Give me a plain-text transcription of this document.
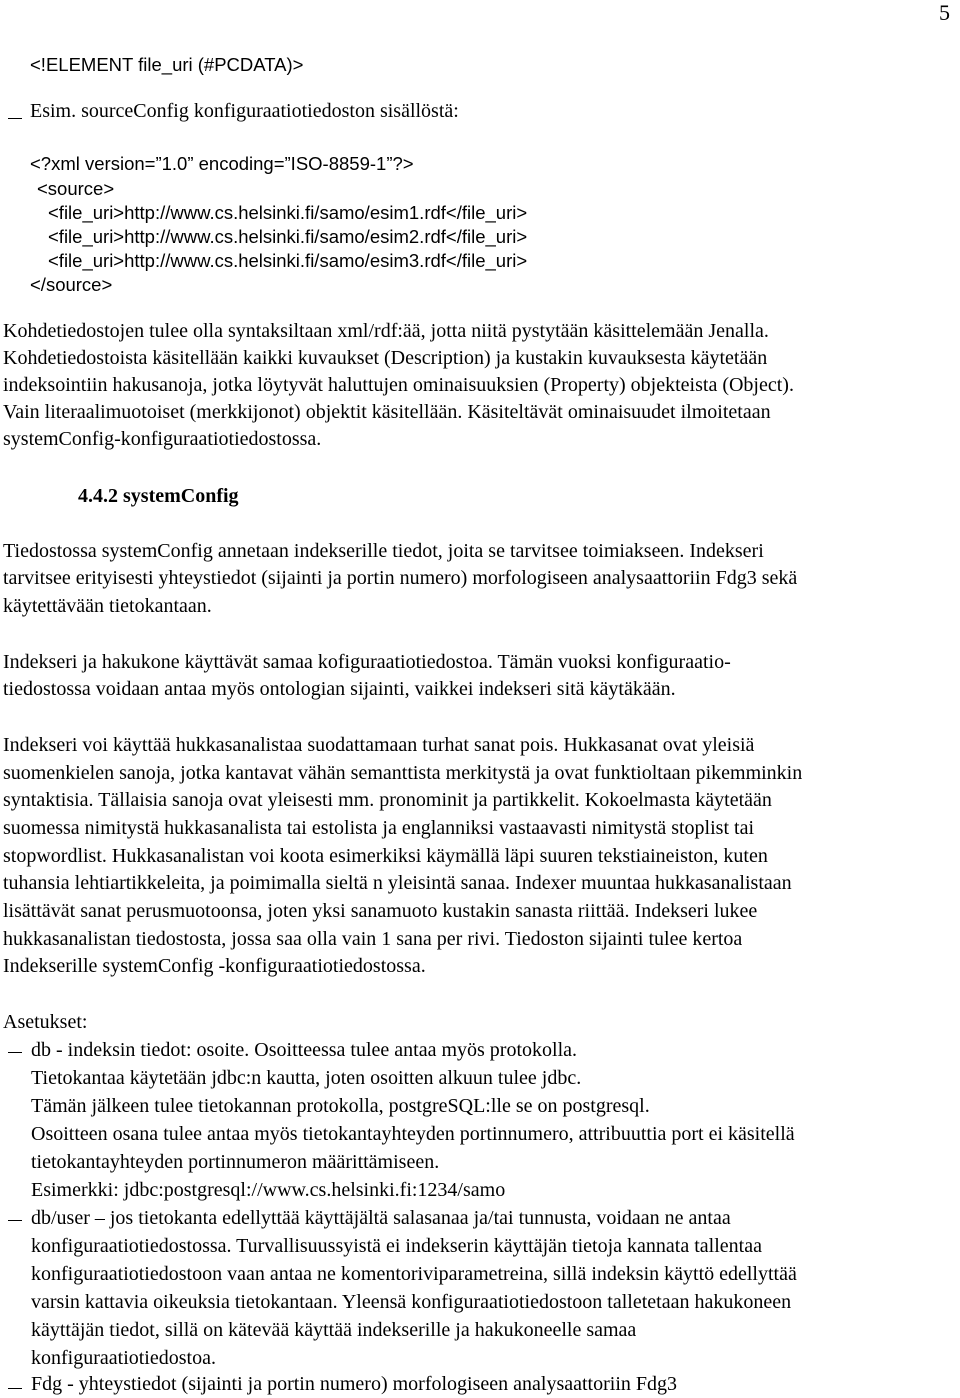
5
<!ELEMENT file_uri (#PCDATA)>
Esim. sourceConfig konfiguraatiotiedoston sisällöstä:
<?xml version=”1.0” encoding=”ISO-8859-1”?>
<source>
<file_uri>http://www.cs.helsinki.fi/samo/esim1.rdf</file_uri>
<file_uri>http://www.cs.helsinki.fi/samo/esim2.rdf</file_uri>
<file_uri>http://www.cs.helsinki.fi/samo/esim3.rdf</file_uri>
</source>

Kohdetiedostojen tulee olla syntaksiltaan xml/rdf:ää, jotta niitä pystytään käsittelemään Jenalla.

Kohdetiedostoista käsitellään kaikki kuvaukset (Description) ja kustakin kuvauksesta käytetään

indeksointiin hakusanoja, jotka löytyvät haluttujen ominaisuuksien (Property) objekteista (Object).

Vain literaalimuotoiset (merkkijonot) objektit käsitellään. Käsiteltävät ominaisuudet ilmoitetaan

systemConfig-konfiguraatiotiedostossa.

4.4.2 systemConfig

Tiedostossa systemConfig annetaan indekserille tiedot, joita se tarvitsee toimiakseen. Indekseri

tarvitsee erityisesti yhteystiedot (sijainti ja portin numero) morfologiseen analysaattoriin Fdg3 sekä

käytettävään tietokantaan.

Indekseri ja hakukone käyttävät samaa kofiguraatiotiedostoa. Tämän vuoksi konfiguraatio-

tiedostossa voidaan antaa myös ontologian sijainti, vaikkei indekseri sitä käytäkään.

Indekseri voi käyttää hukkasanalistaa suodattamaan turhat sanat pois. Hukkasanat ovat yleisiä

suomenkielen sanoja, jotka kantavat vähän semanttista merkitystä ja ovat funktioltaan pikemminkin

syntaktisia. Tällaisia sanoja ovat yleisesti mm. pronominit ja partikkelit. Kokoelmasta käytetään

suomessa nimitystä hukkasanalista tai estolista ja englanniksi vastaavasti nimitystä stoplist tai

stopwordlist. Hukkasanalistan voi koota esimerkiksi käymällä läpi suuren tekstiaineiston, kuten

tuhansia lehtiartikkeleita, ja poimimalla sieltä n yleisintä sanaa. Indexer muuntaa hukkasanalistaan

lisättävät sanat perusmuotoonsa, joten yksi sanamuoto kustakin sanasta riittää. Indekseri lukee

hukkasanalistan tiedostosta, jossa saa olla vain 1 sana per rivi. Tiedoston sijainti tulee kertoa

Indekserille systemConfig -konfiguraatiotiedostossa.

Asetukset:
db - indeksin tiedot: osoite. Osoitteessa tulee antaa myös protokolla.
Tietokantaa käytetään jdbc:n kautta, joten osoitten alkuun tulee jdbc.
Tämän jälkeen tulee tietokannan protokolla, postgreSQL:lle se on postgresql.
Osoitteen osana tulee antaa myös tietokantayhteyden portinnumero, attribuuttia port ei käsitellä
tietokantayhteyden portinnumeron määrittämiseen.
Esimerkki: jdbc:postgresql://www.cs.helsinki.fi:1234/samo
db/user – jos tietokanta edellyttää käyttäjältä salasanaa ja/tai tunnusta, voidaan ne antaa
konfiguraatiotiedostossa. Turvallisuussyistä ei indekserin käyttäjän tietoja kannata tallentaa
konfiguraatiotiedostoon vaan antaa ne komentoriviparametreina, sillä indeksin käyttö edellyttää
varsin kattavia oikeuksia tietokantaan. Yleensä konfiguraatiotiedostoon talletetaan hakukoneen
käyttäjän tiedot, sillä on kätevää käyttää indekserille ja hakukoneelle samaa
konfiguraatiotiedostoa.
Fdg - yhteystiedot (sijainti ja portin numero) morfologiseen analysaattoriin Fdg3
